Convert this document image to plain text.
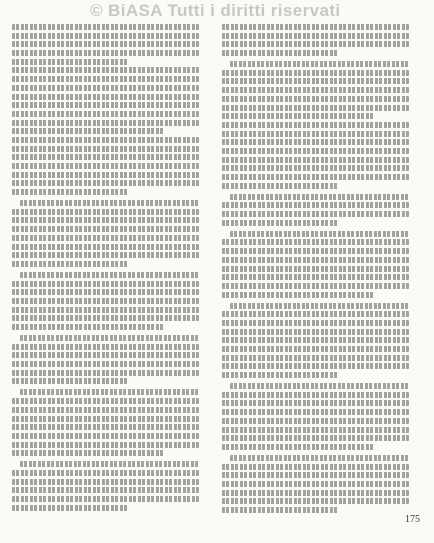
© BiASA Tutti i diritti riservati
175
